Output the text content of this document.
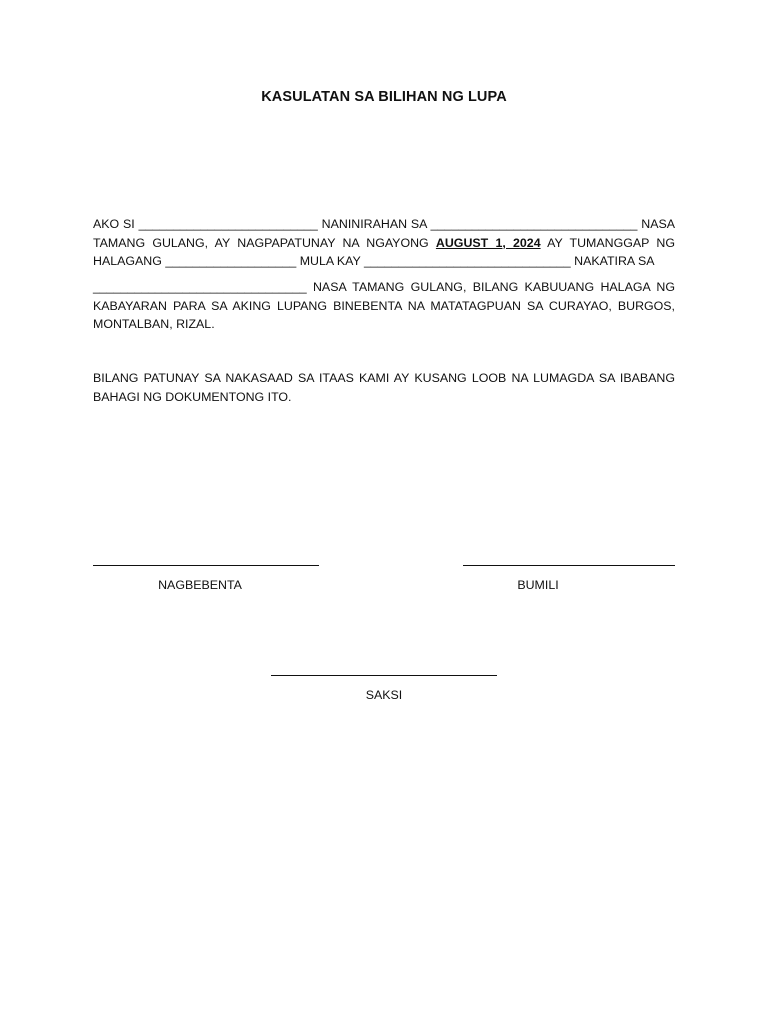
KASULATAN SA BILIHAN NG LUPA
AKO SI __________________________ NANINIRAHAN SA ______________________________ NASA TAMANG GULANG, AY NAGPAPATUNAY NA NGAYONG AUGUST 1, 2024 AY TUMANGGAP NG HALAGANG ___________________ MULA KAY ______________________________ NAKATIRA SA
_______________________________ NASA TAMANG GULANG, BILANG KABUUANG HALAGA NG KABAYARAN PARA SA AKING LUPANG BINEBENTA NA MATATAGPUAN SA CURAYAO, BURGOS, MONTALBAN, RIZAL.
BILANG PATUNAY SA NAKASAAD SA ITAAS KAMI AY KUSANG LOOB NA LUMAGDA SA IBABANG BAHAGI NG DOKUMENTONG ITO.
NAGBEBENTA	BUMILI
SAKSI
